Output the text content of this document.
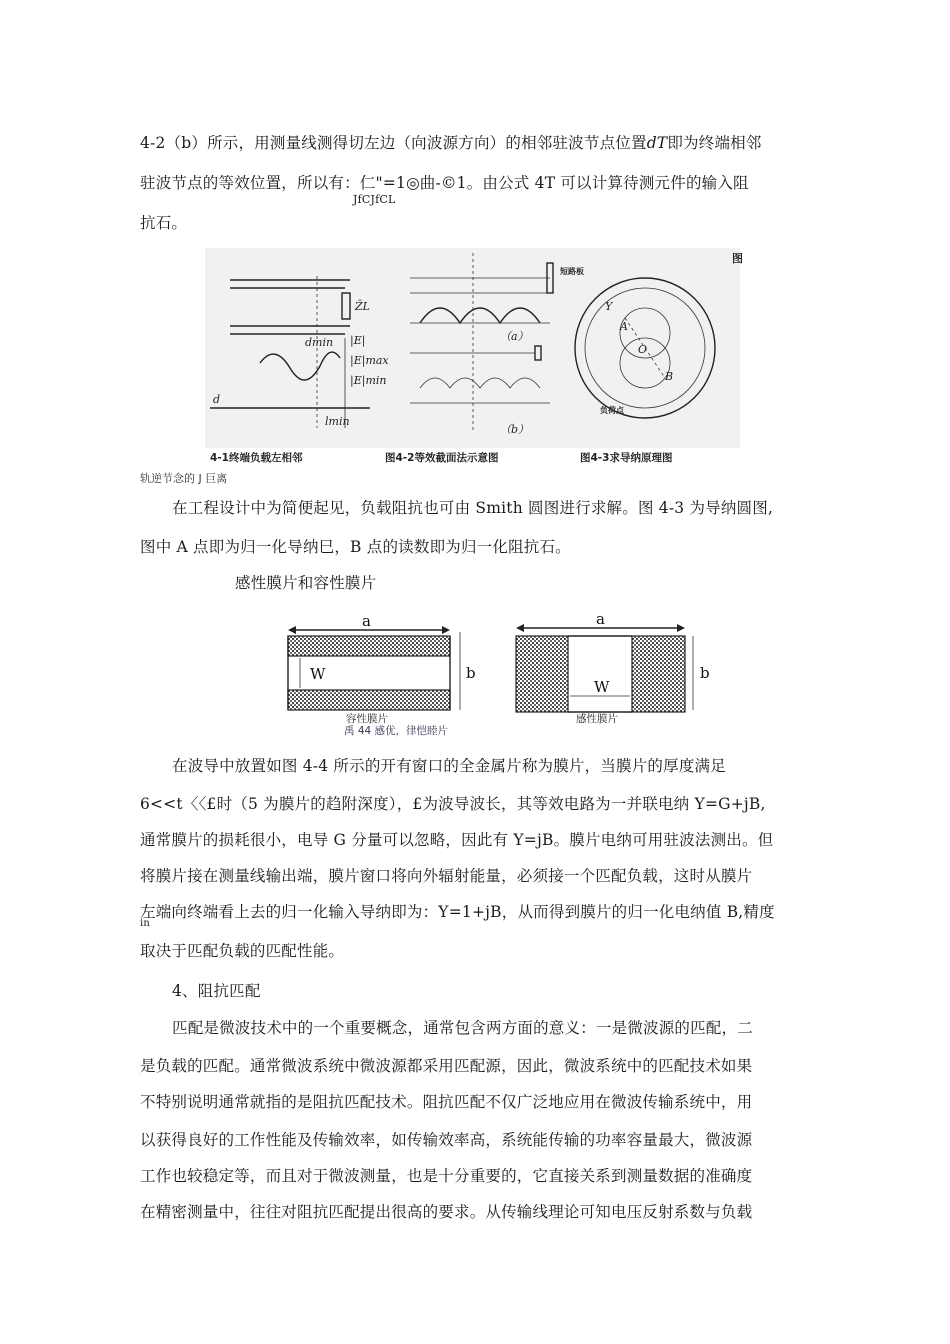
4-2（b）所示，用测量线测得切左边（向波源方向）的相邻驻波节点位置dT即为终端相邻
驻波节点的等效位置，所以有：仁"=1◎曲-©1。由公式 4T 可以计算待测元件的输入阻
JfCJfCL
抗石。
Z̄L
dmin |E|
|E|max
|E|min
d
lmin
短路板
（a）
（b）
O
A
B
Y
负荷点
图
4-1终端负载左相邻	图4-2等效截面法示意图	图4-3求导纳原理图
轨逆节念的 J 巨离
在工程设计中为简便起见，负载阻抗也可由 Smith 圆图进行求解。图 4-3 为导纳圆图,
图中 A 点即为归一化导纳巳，B 点的读数即为归一化阻抗石。
感性膜片和容性膜片
a
W	b
容性膜片
a
W
b
感性膜片
禹 44 感优，律恺睦片
在波导中放置如图 4-4 所示的开有窗口的全金属片称为膜片，当膜片的厚度满足
6<<t〈〈£时（5 为膜片的趋附深度），£为波导波长，其等效电路为一并联电纳 Y=G+jB,
通常膜片的损耗很小，电导 G 分量可以忽略，因此有 Y=jB。膜片电纳可用驻波法测出。但
将膜片接在测量线输出端，膜片窗口将向外辐射能量，必须接一个匹配负载，这时从膜片
左端向终端看上去的归一化输入导纳即为：Y=1+jB，从而得到膜片的归一化电纳值 B,精度
in
取决于匹配负载的匹配性能。
4、阻抗匹配
匹配是微波技术中的一个重要概念，通常包含两方面的意义：一是微波源的匹配，二
是负载的匹配。通常微波系统中微波源都采用匹配源，因此，微波系统中的匹配技术如果
不特别说明通常就指的是阻抗匹配技术。阻抗匹配不仅广泛地应用在微波传输系统中，用
以获得良好的工作性能及传输效率，如传输效率高，系统能传输的功率容量最大，微波源
工作也较稳定等，而且对于微波测量，也是十分重要的，它直接关系到测量数据的准确度
在精密测量中，往往对阻抗匹配提出很高的要求。从传输线理论可知电压反射系数与负载
